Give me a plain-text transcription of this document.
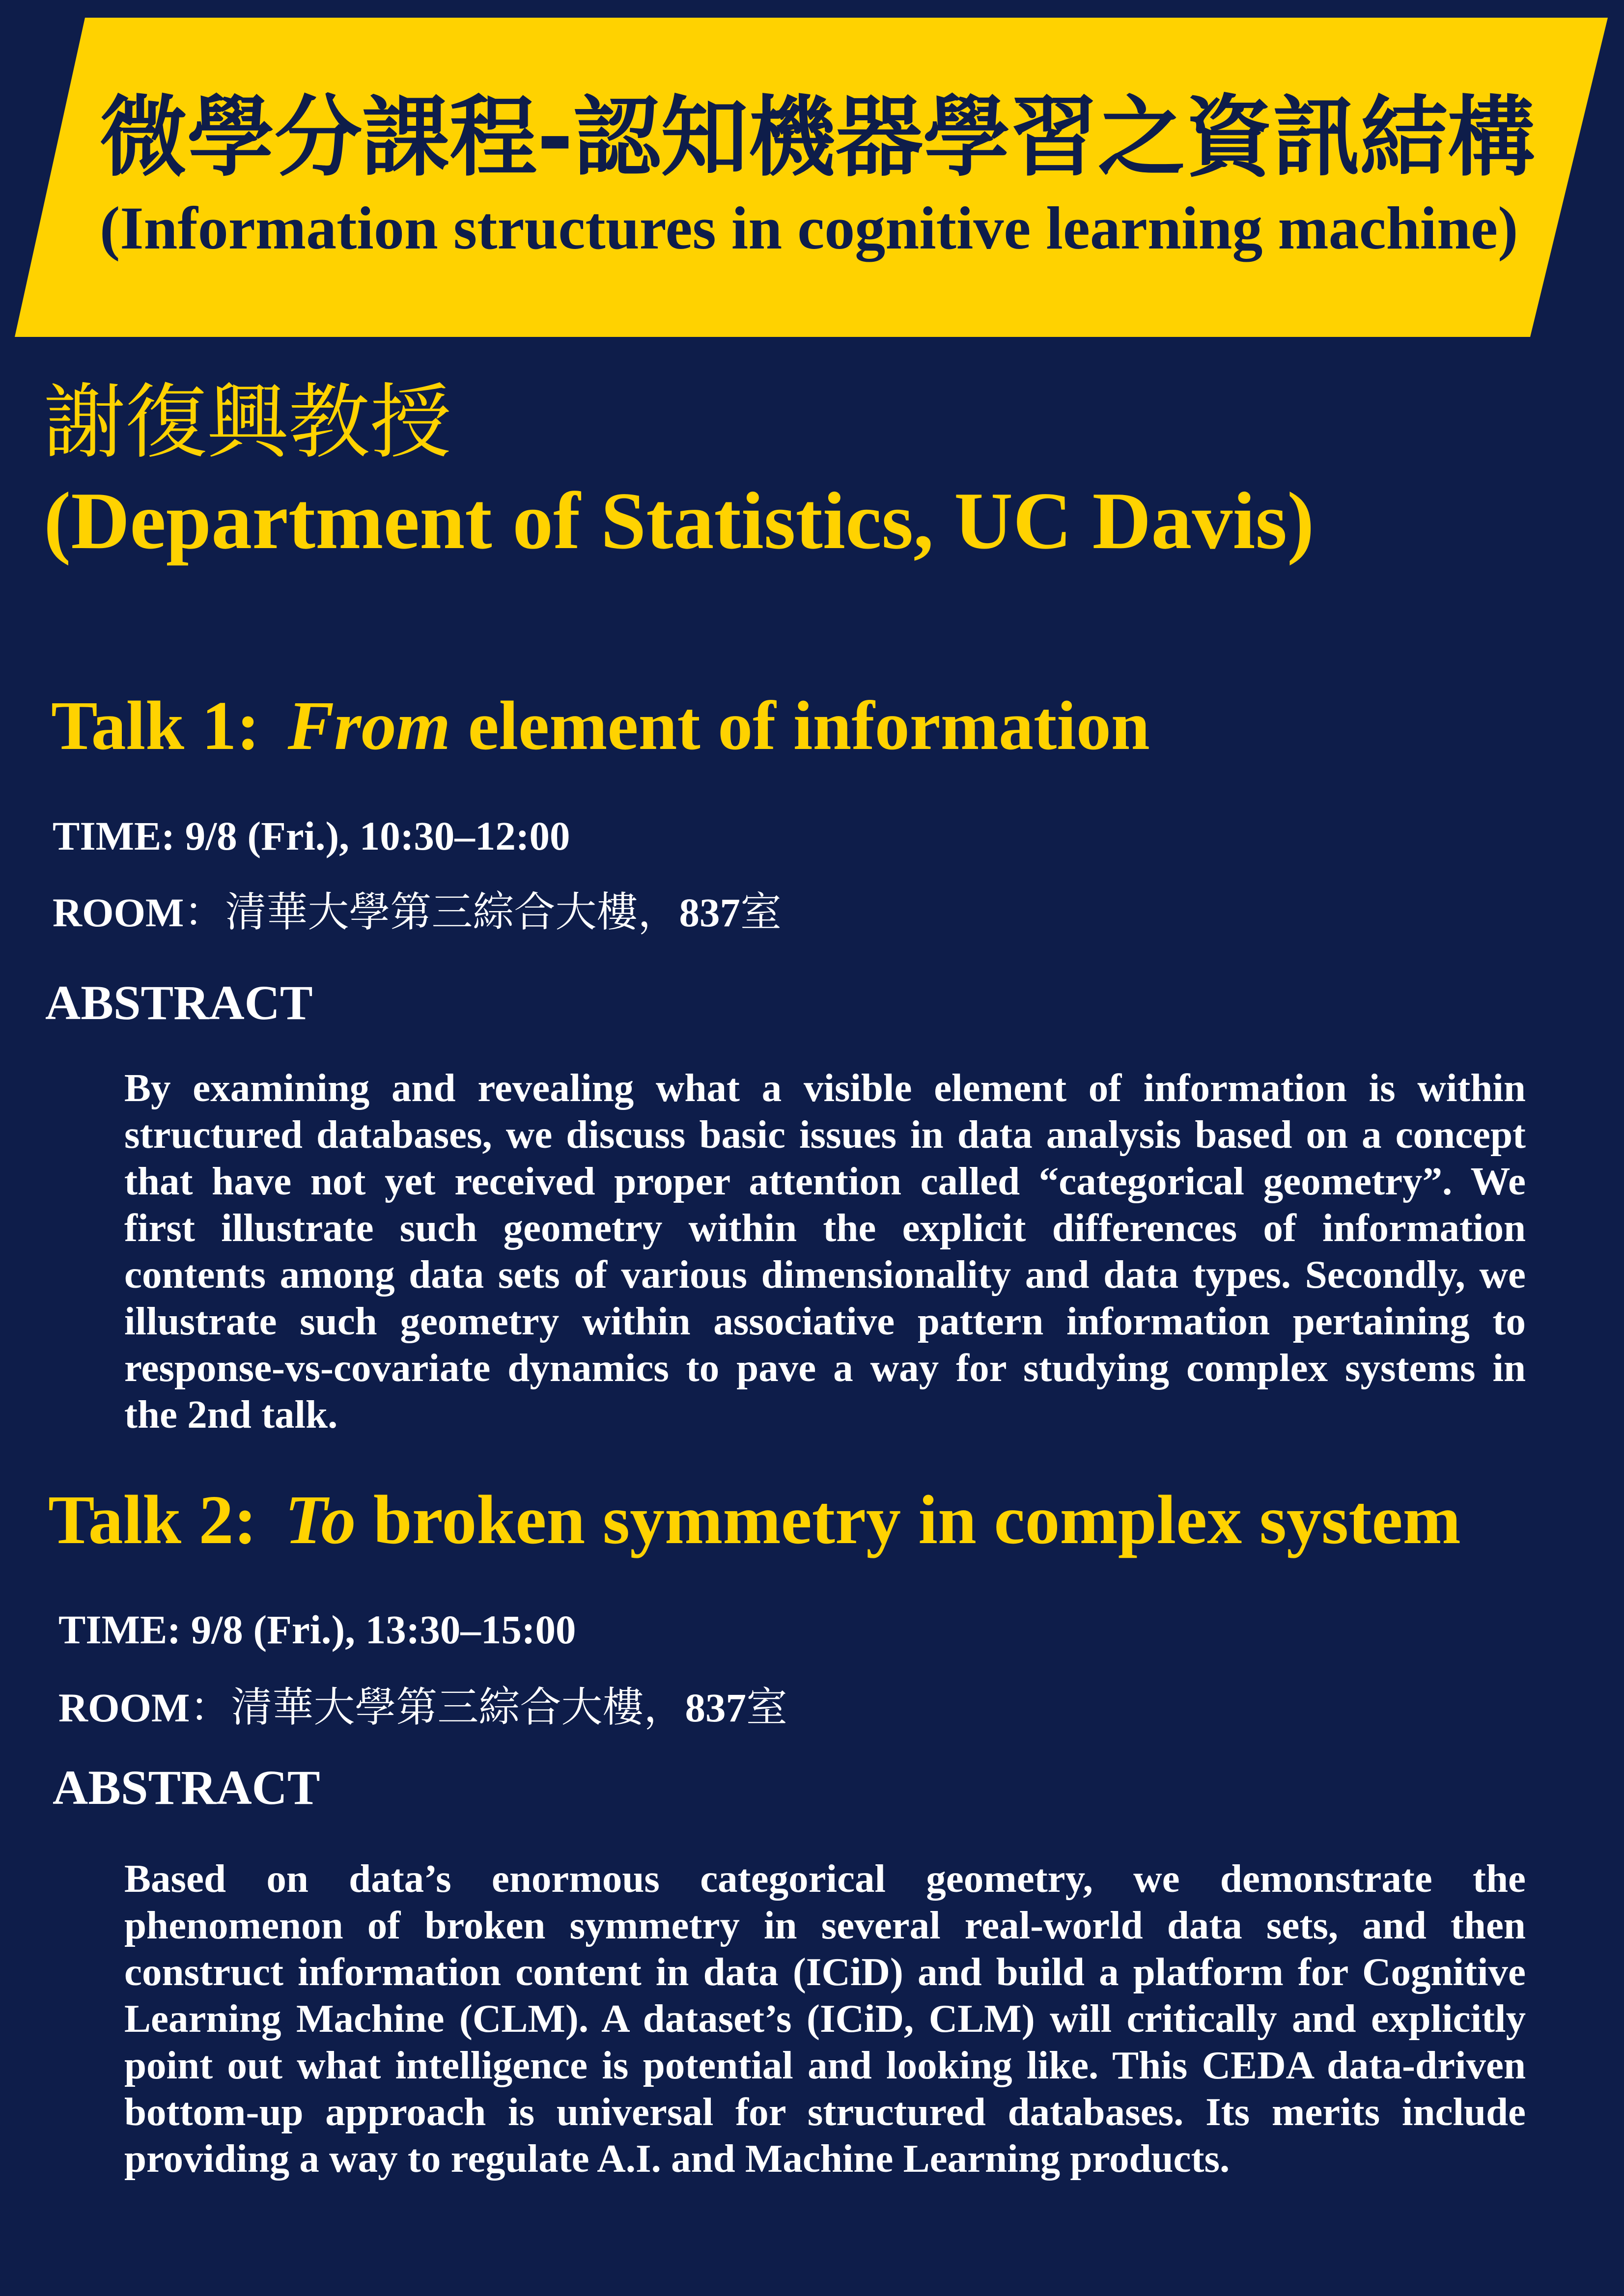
微學分課程-認知機器學習之資訊結構
(Information structures in cognitive learning machine)
謝復興教授
(Department of Statistics, UC Davis)
Talk 1: From element of information
TIME: 9/8 (Fri.), 10:30–12:00
ROOM：清華大學第三綜合大樓，837室
ABSTRACT
By examining and revealing what a visible element of information is within
structured databases, we discuss basic issues in data analysis based on a concept
that have not yet received proper attention called “categorical geometry”. We
first illustrate such geometry within the explicit differences of information
contents among data sets of various dimensionality and data types. Secondly, we
illustrate such geometry within associative pattern information pertaining to
response-vs-covariate dynamics to pave a way for studying complex systems in
the 2nd talk.
Talk 2: To broken symmetry in complex system
TIME: 9/8 (Fri.), 13:30–15:00
ROOM：清華大學第三綜合大樓，837室
ABSTRACT
Based on data’s enormous categorical geometry, we demonstrate the
phenomenon of broken symmetry in several real-world data sets, and then
construct information content in data (ICiD) and build a platform for Cognitive
Learning Machine (CLM). A dataset’s (ICiD, CLM) will critically and explicitly
point out what intelligence is potential and looking like. This CEDA data-driven
bottom-up approach is universal for structured databases. Its merits include
providing a way to regulate A.I. and Machine Learning products.
